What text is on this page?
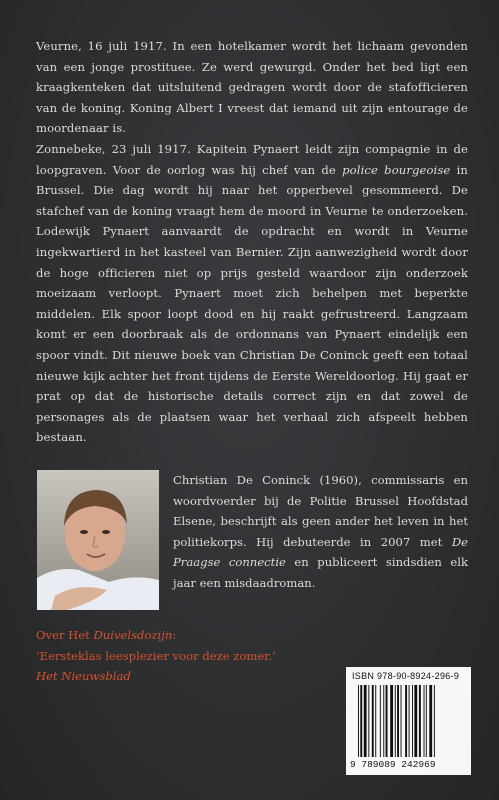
Veurne, 16 juli 1917. In een hotelkamer wordt het lichaam gevonden van een jonge prostituee. Ze werd gewurgd. Onder het bed ligt een kraagkenteken dat uitsluitend gedragen wordt door de stafofficieren van de koning. Koning Albert I vreest dat iemand uit zijn entourage de moordenaar is.

Zonnebeke, 23 juli 1917. Kapitein Pynaert leidt zijn compagnie in de loopgraven. Voor de oorlog was hij chef van de police bourgeoise in Brussel. Die dag wordt hij naar het opperbevel gesommeerd. De stafchef van de koning vraagt hem de moord in Veurne te onderzoeken. Lodewijk Pynaert aanvaardt de opdracht en wordt in Veurne ingekwartierd in het kasteel van Bernier. Zijn aanwezigheid wordt door de hoge officieren niet op prijs gesteld waardoor zijn onderzoek moeizaam verloopt. Pynaert moet zich behelpen met beperkte middelen. Elk spoor loopt dood en hij raakt gefrustreerd. Langzaam komt er een doorbraak als de ordonnans van Pynaert eindelijk een spoor vindt. Dit nieuwe boek van Christian De Coninck geeft een totaal nieuwe kijk achter het front tijdens de Eerste Wereldoorlog. Hij gaat er prat op dat de historische details correct zijn en dat zowel de personages als de plaatsen waar het verhaal zich afspeelt hebben bestaan.

Christian De Coninck (1960), commissaris en woordvoerder bij de Politie Brussel Hoofdstad Elsene, beschrijft als geen ander het leven in het politiekorps. Hij debuteerde in 2007 met De Praagse connectie en publiceert sindsdien elk jaar een misdaadroman.

Over Het Duivelsdozijn:
‘Eersteklas leesplezier voor deze zomer.’
Het Nieuwsblad	ISBN 978-90-8924-296-9
9 789089 242969
